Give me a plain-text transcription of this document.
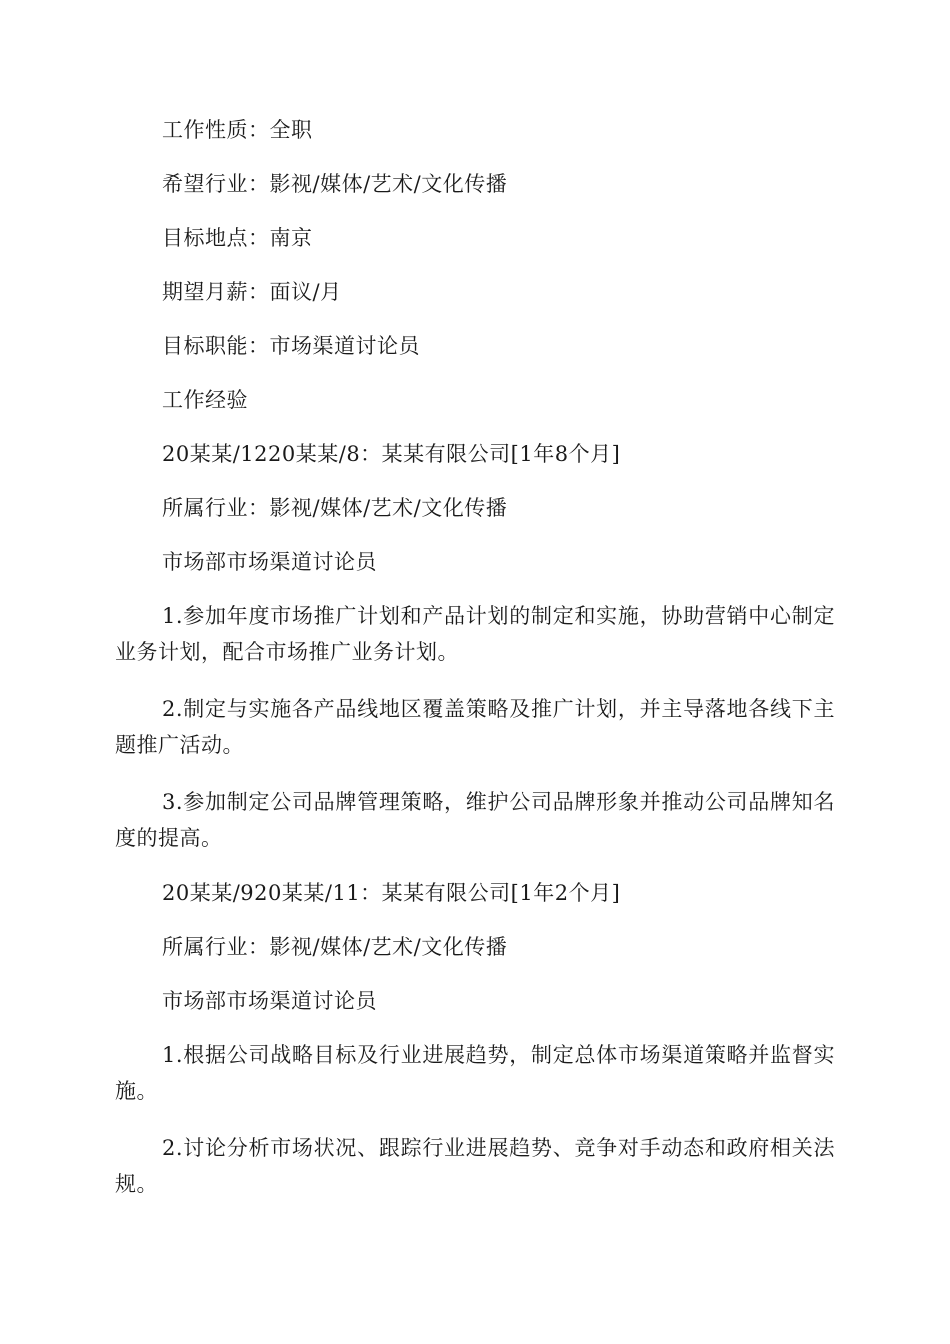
工作性质：全职
希望行业：影视/媒体/艺术/文化传播
目标地点：南京
期望月薪：面议/月
目标职能：市场渠道讨论员
工作经验
20某某/1220某某/8：某某有限公司[1年8个月]
所属行业：影视/媒体/艺术/文化传播
市场部市场渠道讨论员
1.参加年度市场推广计划和产品计划的制定和实施，协助营销中心制定业务计划，配合市场推广业务计划。
2.制定与实施各产品线地区覆盖策略及推广计划，并主导落地各线下主题推广活动。
3.参加制定公司品牌管理策略，维护公司品牌形象并推动公司品牌知名度的提高。
20某某/920某某/11：某某有限公司[1年2个月]
所属行业：影视/媒体/艺术/文化传播
市场部市场渠道讨论员
1.根据公司战略目标及行业进展趋势，制定总体市场渠道策略并监督实施。
2.讨论分析市场状况、跟踪行业进展趋势、竞争对手动态和政府相关法规。
